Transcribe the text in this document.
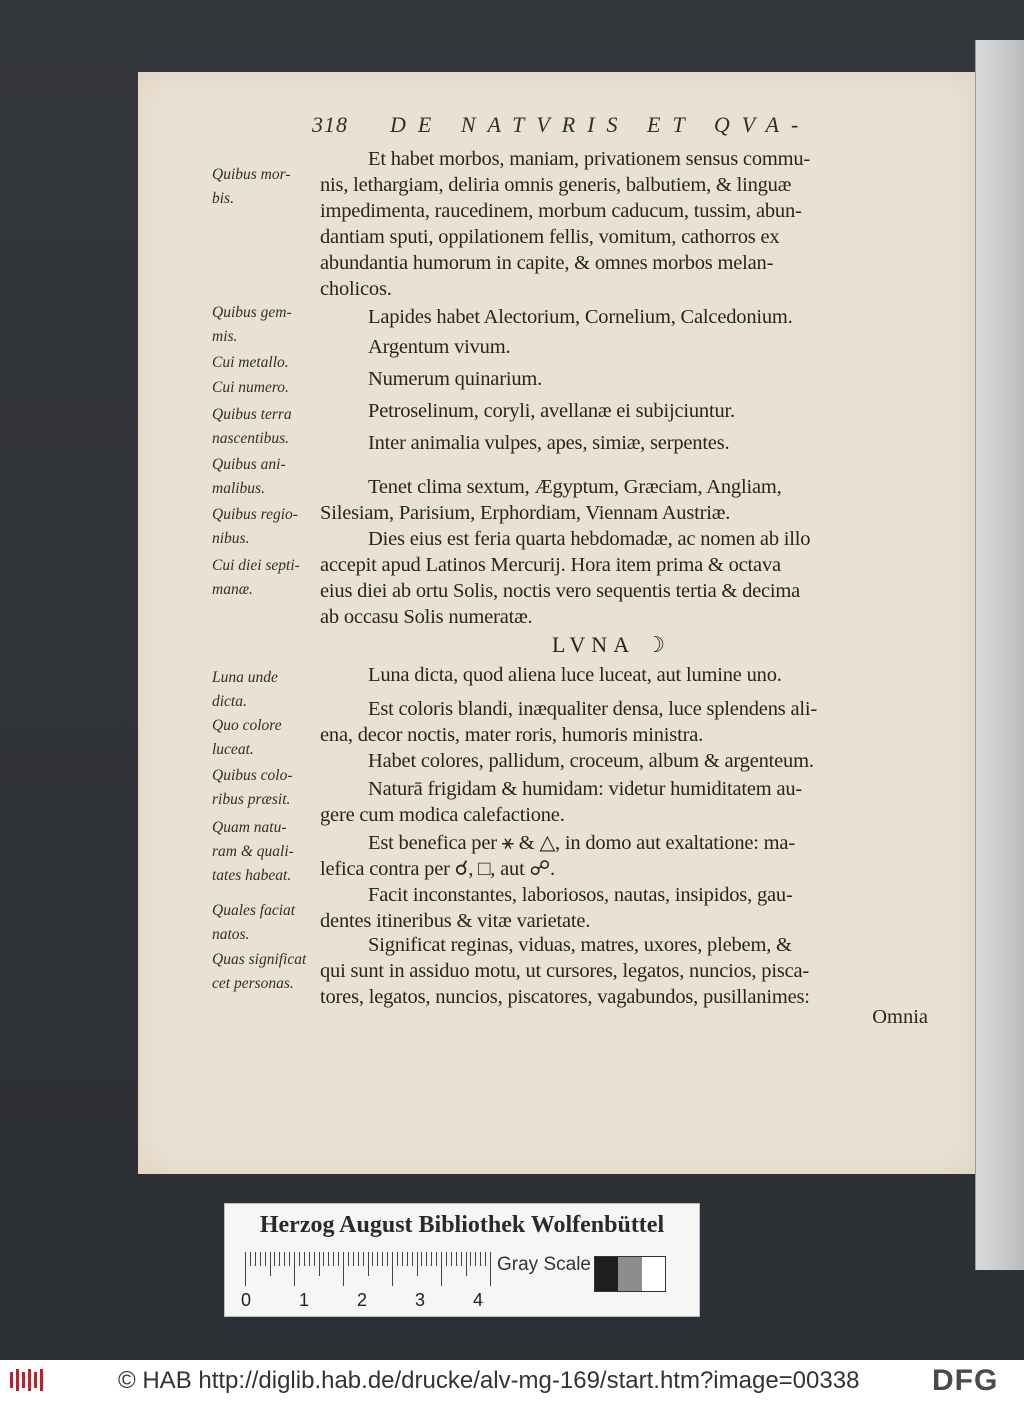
318 DE NATVRIS ET QVA-
Quibus mor-
bis.
Quibus gem-
mis.
Cui metallo.
Cui numero.
Quibus terra
nascentibus.
Quibus ani-
malibus.
Quibus regio-
nibus.
Cui diei septi-
manæ.
Luna unde
dicta.
Quo colore
luceat.
Quibus colo-
ribus præsit.
Quam natu-
ram & quali-
tates habeat.
Quales faciat
natos.
Quas significat
cet personas.
LVNA ☽
Omnia
Et habet morbos, maniam, privationem sensus commu-
nis, lethargiam, deliria omnis generis, balbutiem, & linguæ
impedimenta, raucedinem, morbum caducum, tussim, abun-
dantiam sputi, oppilationem fellis, vomitum, cathorros ex
abundantia humorum in capite, & omnes morbos melan-
cholicos.
Lapides habet Alectorium, Cornelium, Calcedonium.
Argentum vivum.
Numerum quinarium.
Petroselinum, coryli, avellanæ ei subijciuntur.
Inter animalia vulpes, apes, simiæ, serpentes.
Tenet clima sextum, Ægyptum, Græciam, Angliam,
Silesiam, Parisium, Erphordiam, Viennam Austriæ.
Dies eius est feria quarta hebdomadæ, ac nomen ab illo
accepit apud Latinos Mercurij. Hora item prima & octava
eius diei ab ortu Solis, noctis vero sequentis tertia & decima
ab occasu Solis numeratæ.
Luna dicta, quod aliena luce luceat, aut lumine uno.
Est coloris blandi, inæqualiter densa, luce splendens ali-
ena, decor noctis, mater roris, humoris ministra.
Habet colores, pallidum, croceum, album & argenteum.
Naturā frigidam & humidam: videtur humiditatem au-
gere cum modica calefactione.
Est benefica per ⚹ & △, in domo aut exaltatione: ma-
lefica contra per ☌, □, aut ☍.
Facit inconstantes, laboriosos, nautas, insipidos, gau-
dentes itineribus & vitæ varietate.
Significat reginas, viduas, matres, uxores, plebem, &
qui sunt in assiduo motu, ut cursores, legatos, nuncios, pisca-
tores, legatos, nuncios, piscatores, vagabundos, pusillanimes:
Herzog August Bibliothek Wolfenbüttel
0	1	2	3	4
Gray Scale
© HAB http://diglib.hab.de/drucke/alv-mg-169/start.htm?image=00338 DFG
